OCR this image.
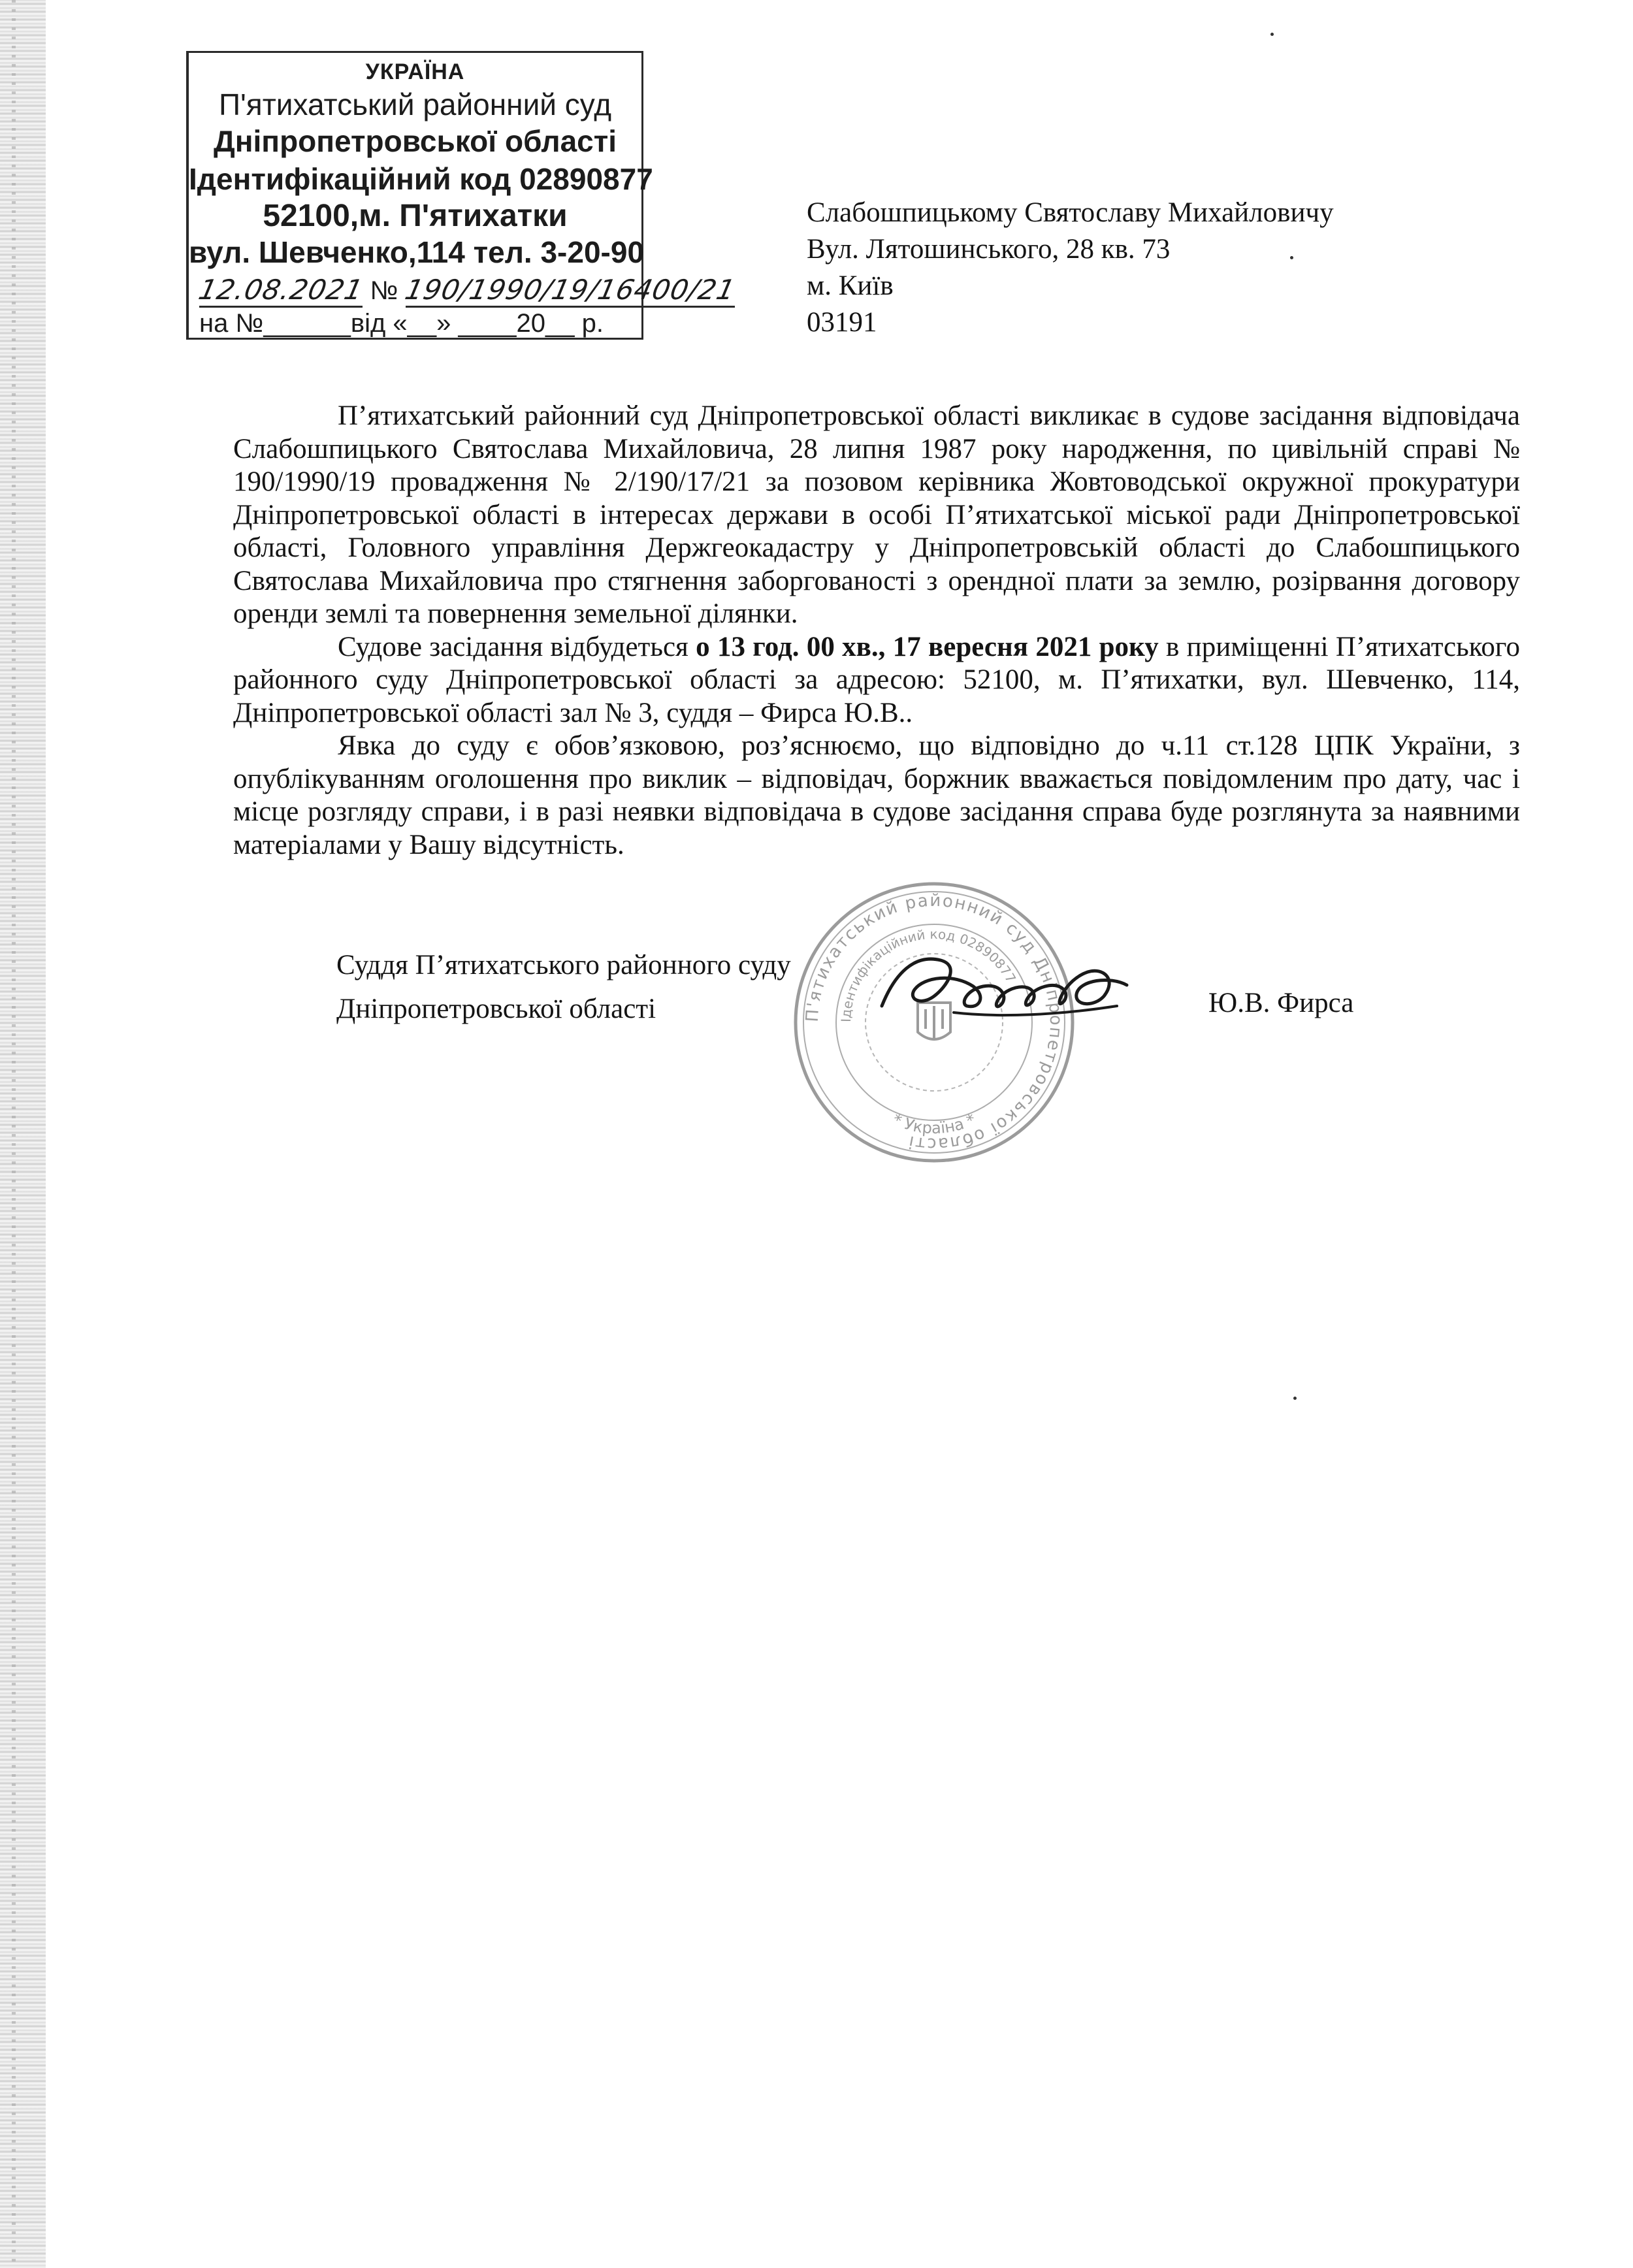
УКРАЇНА
П'ятихатський районний суд
Дніпропетровської області
Ідентифікаційний код 02890877
52100,м. П'ятихатки
вул. Шевченко,114 тел. 3-20-90
12.08.2021 № 190/1990/19/16400/21
на №______від «__» ____20__ р.
Слабошпицькому Святославу Михайловичу
Вул. Лятошинського, 28 кв. 73
м. Київ
03191

П’ятихатський районний суд Дніпропетровської області викликає в судове засідання відповідача Слабошпицького Святослава Михайловича, 28 липня 1987 року народження, по цивільній справі № 190/1990/19 провадження № 2/190/17/21 за позовом керівника Жовтоводської окружної прокуратури Дніпропетровської області в інтересах держави в особі П’ятихатської міської ради Дніпропетровської області, Головного управління Держгеокадастру у Дніпропетровській області до Слабошпицького Святослава Михайловича про стягнення заборгованості з орендної плати за землю, розірвання договору оренди землі та повернення земельної ділянки.

Судове засідання відбудеться о 13 год. 00 хв., 17 вересня 2021 року в приміщенні П’ятихатського районного суду Дніпропетровської області за адресою: 52100, м. П’ятихатки, вул. Шевченко, 114, Дніпропетровської області зал № 3, суддя – Фирса Ю.В..

Явка до суду є обов’язковою, роз’яснюємо, що відповідно до ч.11 ст.128 ЦПК України, з опублікуванням оголошення про виклик – відповідач, боржник вважається повідомленим про дату, час і місце розгляду справи, і в разі неявки відповідача в судове засідання справа буде розглянута за наявними матеріалами у Вашу відсутність.

П'ятихатський районний суд Дніпропетровської області
Ідентифікаційний код 02890877
* Україна *
Суддя П’ятихатського районного суду
Дніпропетровської області	Ю.В. Фирса
